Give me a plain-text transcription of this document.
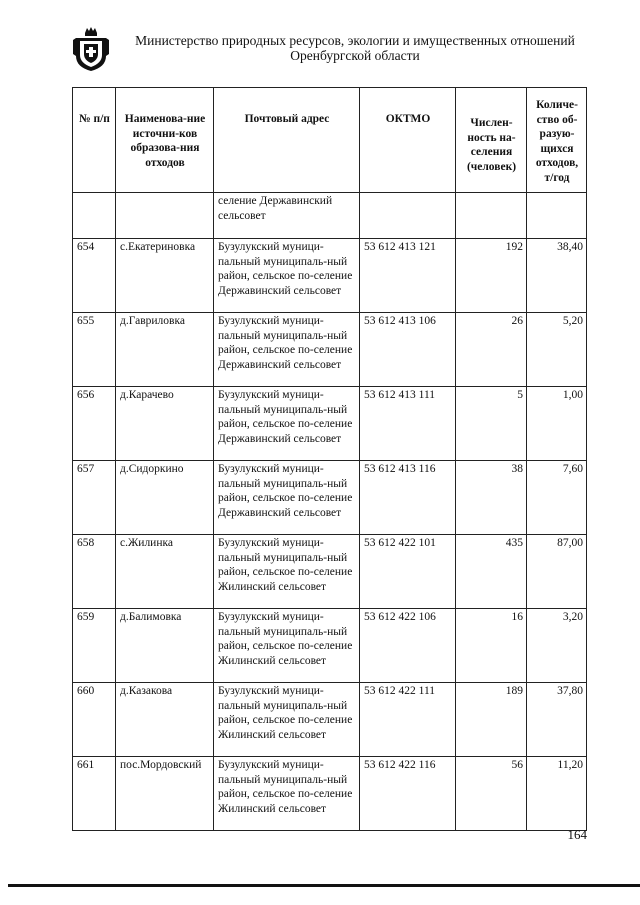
Министерство природных ресурсов, экологии и имущественных отношений
Оренбургской области
№ п/п	Наименова-ние источни-ков образова-ния отходов	Почтовый адрес	ОКТМО	Числен-ность на-селения (человек)	Количе-ство об-разую-щихся отходов, т/год

		селение Державинский сельсовет			
654	с.Екатериновка	Бузулукский муници-пальный муниципаль-ный район, сельское по-селение Державинский сельсовет	53 612 413 121	192	38,40
655	д.Гавриловка	Бузулукский муници-пальный муниципаль-ный район, сельское по-селение Державинский сельсовет	53 612 413 106	26	5,20
656	д.Карачево	Бузулукский муници-пальный муниципаль-ный район, сельское по-селение Державинский сельсовет	53 612 413 111	5	1,00
657	д.Сидоркино	Бузулукский муници-пальный муниципаль-ный район, сельское по-селение Державинский сельсовет	53 612 413 116	38	7,60
658	с.Жилинка	Бузулукский муници-пальный муниципаль-ный район, сельское по-селение Жилинский сельсовет	53 612 422 101	435	87,00
659	д.Балимовка	Бузулукский муници-пальный муниципаль-ный район, сельское по-селение Жилинский сельсовет	53 612 422 106	16	3,20
660	д.Казакова	Бузулукский муници-пальный муниципаль-ный район, сельское по-селение Жилинский сельсовет	53 612 422 111	189	37,80
661	пос.Мордовский	Бузулукский муници-пальный муниципаль-ный район, сельское по-селение Жилинский сельсовет	53 612 422 116	56	11,20
164
